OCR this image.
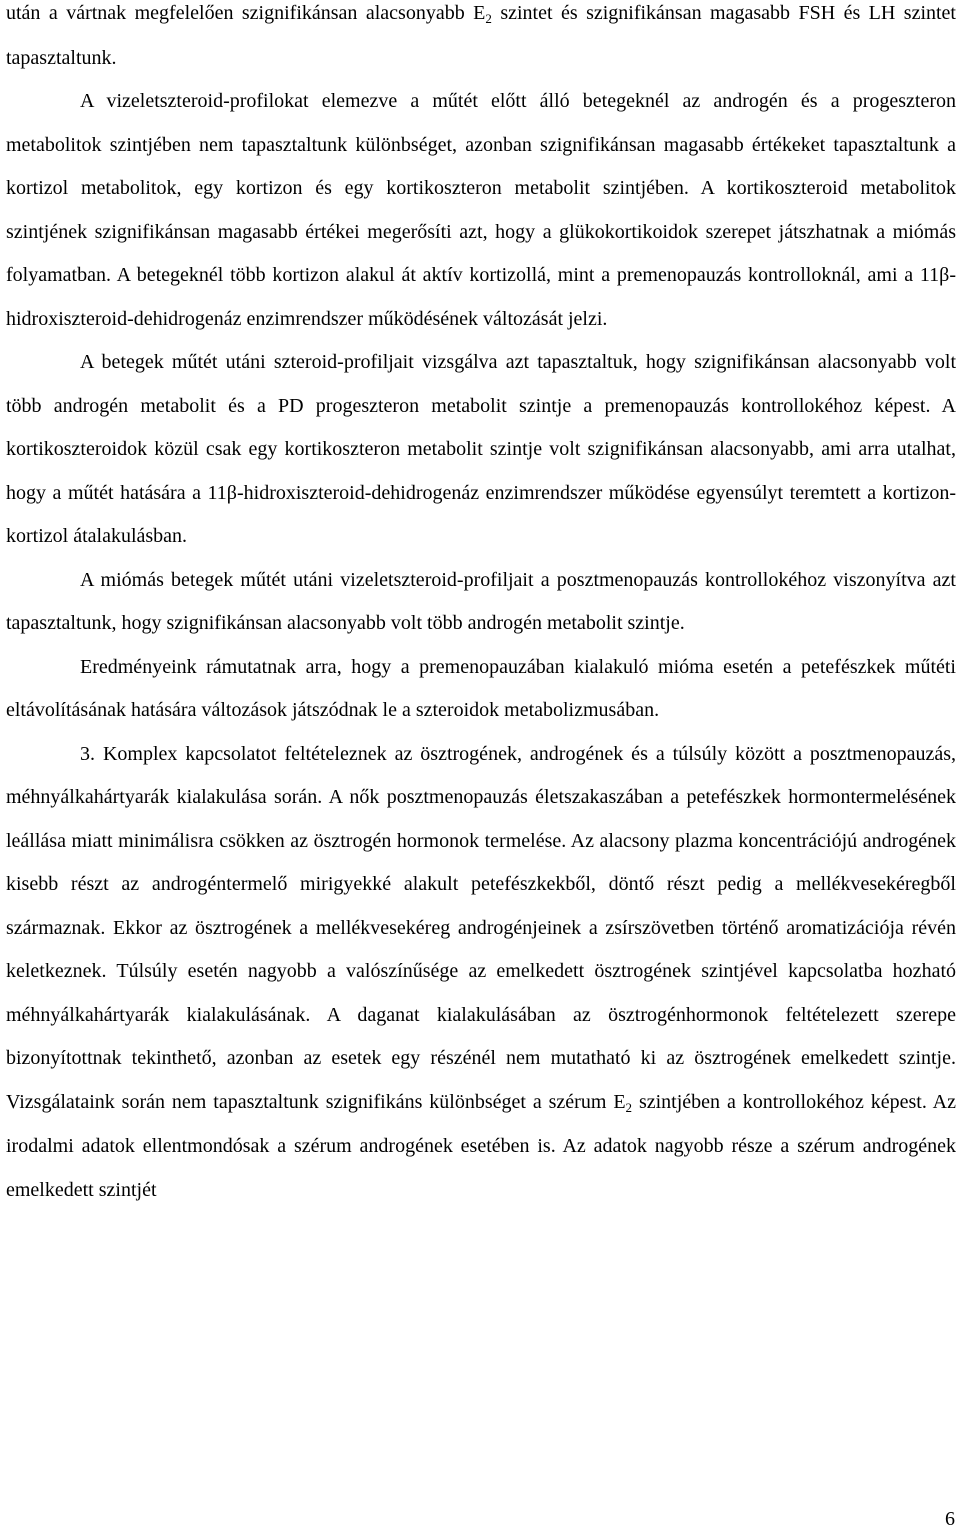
után a vártnak megfelelően szignifikánsan alacsonyabb $E_2$ szintet és szignifikánsan magasabb FSH és LH szintet tapasztaltunk.

A vizeletszteroid-profilokat elemezve a műtét előtt álló betegeknél az androgén és a progeszteron metabolitok szintjében nem tapasztaltunk különbséget, azonban szignifikánsan magasabb értékeket tapasztaltunk a kortizol metabolitok, egy kortizon és egy kortikoszteron metabolit szintjében. A kortikoszteroid metabolitok szintjének szignifikánsan magasabb értékei megerősíti azt, hogy a glükokortikoidok szerepet játszhatnak a miómás folyamatban. A betegeknél több kortizon alakul át aktív kortizollá, mint a premenopauzás kontrolloknál, ami a 11β-hidroxiszteroid-dehidrogenáz enzimrendszer működésének változását jelzi.

A betegek műtét utáni szteroid-profiljait vizsgálva azt tapasztaltuk, hogy szignifikánsan alacsonyabb volt több androgén metabolit és a PD progeszteron metabolit szintje a premenopauzás kontrollokéhoz képest. A kortikoszteroidok közül csak egy kortikoszteron metabolit szintje volt szignifikánsan alacsonyabb, ami arra utalhat, hogy a műtét hatására a 11β-hidroxiszteroid-dehidrogenáz enzimrendszer működése egyensúlyt teremtett a kortizon-kortizol átalakulásban.

A miómás betegek műtét utáni vizeletszteroid-profiljait a posztmenopauzás kontrollokéhoz viszonyítva azt tapasztaltunk, hogy szignifikánsan alacsonyabb volt több androgén metabolit szintje.

Eredményeink rámutatnak arra, hogy a premenopauzában kialakuló mióma esetén a petefészkek műtéti eltávolításának hatására változások játszódnak le a szteroidok metabolizmusában.

3. Komplex kapcsolatot feltételeznek az ösztrogének, androgének és a túlsúly között a posztmenopauzás, méhnyálkahártyarák kialakulása során. A nők posztmenopauzás életszakaszában a petefészkek hormontermelésének leállása miatt minimálisra csökken az ösztrogén hormonok termelése. Az alacsony plazma koncentrációjú androgének kisebb részt az androgéntermelő mirigyekké alakult petefészkekből, döntő részt pedig a mellékvesekéregből származnak. Ekkor az ösztrogének a mellékvesekéreg androgénjeinek a zsírszövetben történő aromatizációja révén keletkeznek. Túlsúly esetén nagyobb a valószínűsége az emelkedett ösztrogének szintjével kapcsolatba hozható méhnyálkahártyarák kialakulásának. A daganat kialakulásában az ösztrogénhormonok feltételezett szerepe bizonyítottnak tekinthető, azonban az esetek egy részénél nem mutatható ki az ösztrogének emelkedett szintje. Vizsgálataink során nem tapasztaltunk szignifikáns különbséget a szérum $E_2$ szintjében a kontrollokéhoz képest. Az irodalmi adatok ellentmondósak a szérum androgének esetében is. Az adatok nagyobb része a szérum androgének emelkedett szintjét

6
